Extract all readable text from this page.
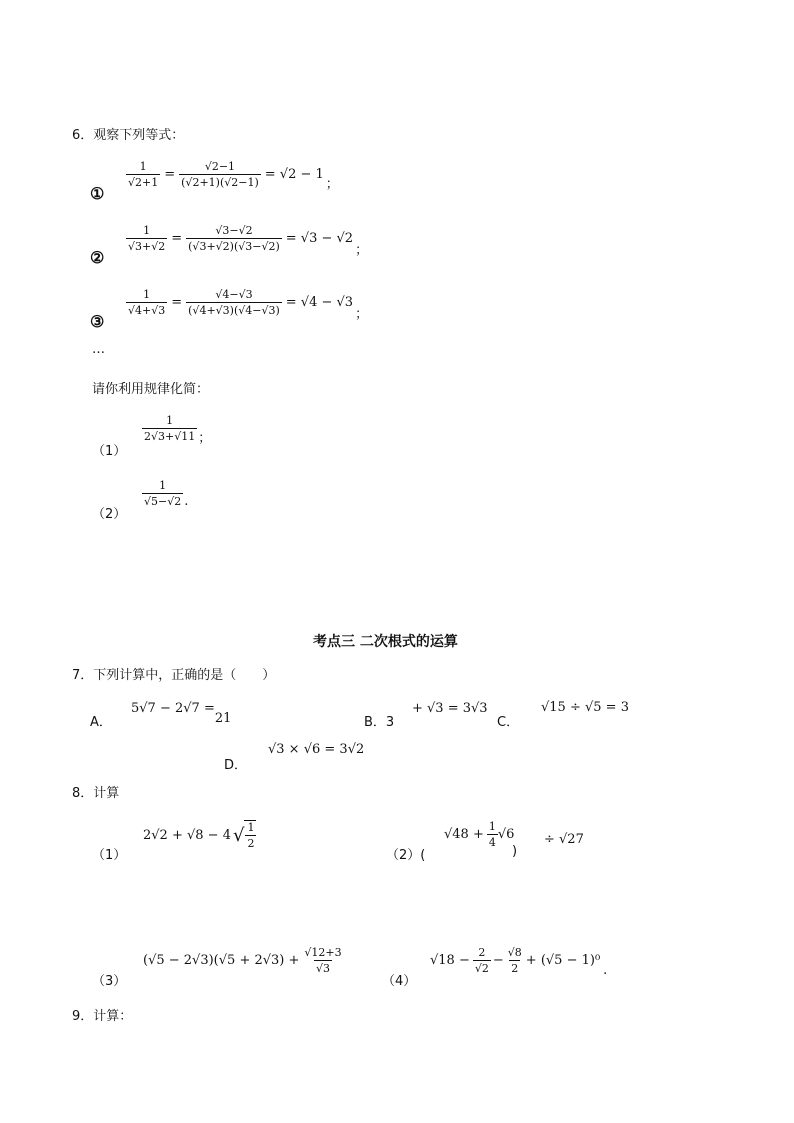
6．观察下列等式：
①
$\frac{1}{√2+1} = \frac{√2-1}{(√2+1)(√2-1)} = √2 - 1$
；
②
$\frac{1}{√3+√2} = \frac{√3-√2}{(√3+√2)(√3-√2)} = √3 - √2$
；
③
$\frac{1}{√4+√3} = \frac{√4-√3}{(√4+√3)(√4-√3)} = √4 - √3$
；
…
请你利用规律化简：
（1）
$\frac{1}{2√3+√11}$ ；
（2）
$\frac{1}{√5-√2}$ .
考点三 二次根式的运算
7．下列计算中，正确的是（　　）
A．
5√7 − 2√7 =21	B．3
+ √3 = 3√3
C．
√15 ÷ √5 = 3
D．
√3 × √6 = 3√2
8．计算
（1）
2√2 + √8 − 4 √ $\frac{1}{2}$
（2）(
$√48 + \frac{1}{4} √6$
)
÷ √27
（3）
$(√5 - 2√3)(√5 + 2√3) + \frac{√12+3}{√3}$
（4）
$√18 - \frac{2}{√2} - \frac{√8}{2} + (√5 - 1)^0$
.
9．计算：
